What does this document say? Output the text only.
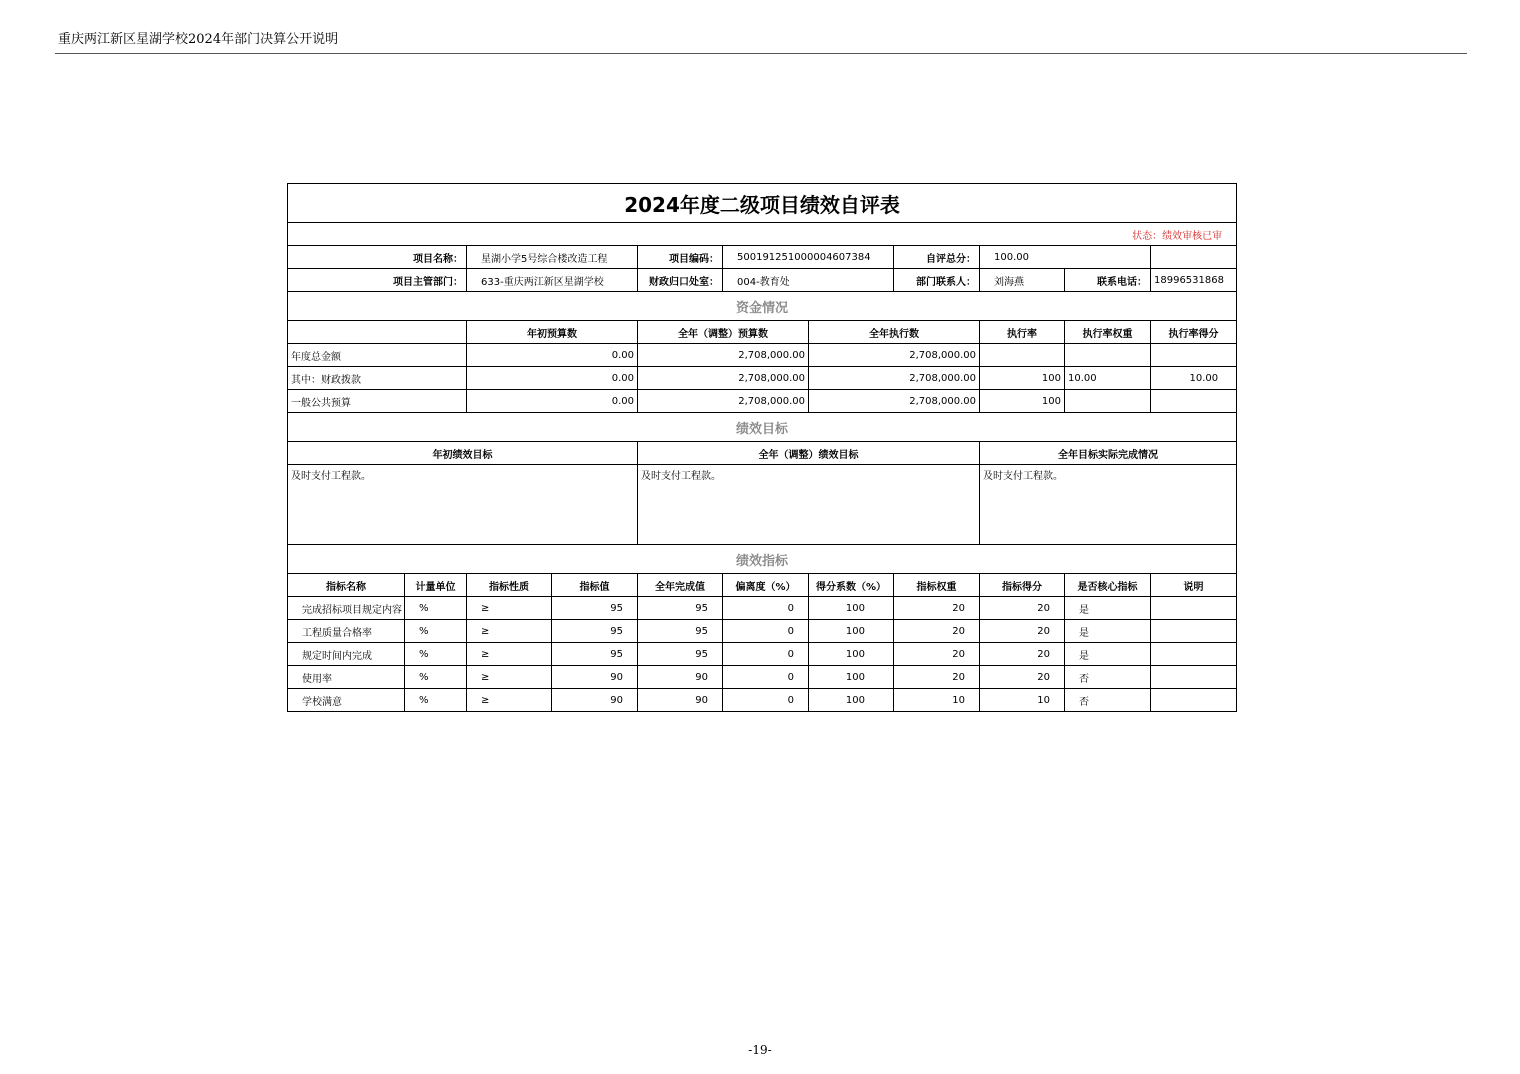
重庆两江新区星湖学校2024年部门决算公开说明
2024年度二级项目绩效自评表										
状态：绩效审核已审										
项目名称：		星湖小学5号综合楼改造工程		项目编码：	500191251000004607384		自评总分：	100.00		
项目主管部门：		633-重庆两江新区星湖学校		财政归口处室：	004-教育处		部门联系人：	刘海燕	联系电话：	18996531868
资金情况										
		年初预算数		全年（调整）预算数		全年执行数		执行率	执行率权重	执行率得分
年度总金额		0.00		2,708,000.00		2,708,000.00				
其中：财政拨款		0.00		2,708,000.00		2,708,000.00		100	10.00	10.00
一般公共预算		0.00		2,708,000.00		2,708,000.00		100		
绩效目标										
年初绩效目标				全年（调整）绩效目标				全年目标实际完成情况		
及时支付工程款。				及时支付工程款。				及时支付工程款。		
绩效指标										
指标名称	计量单位	指标性质	指标值	全年完成值	偏离度（%）	得分系数（%）	指标权重	指标得分	是否核心指标	说明
完成招标项目规定内容	%	≥	95	95	0	100	20	20	是	
工程质量合格率	%	≥	95	95	0	100	20	20	是	
规定时间内完成	%	≥	95	95	0	100	20	20	是	
使用率	%	≥	90	90	0	100	20	20	否	
学校满意	%	≥	90	90	0	100	10	10	否	
-19-
